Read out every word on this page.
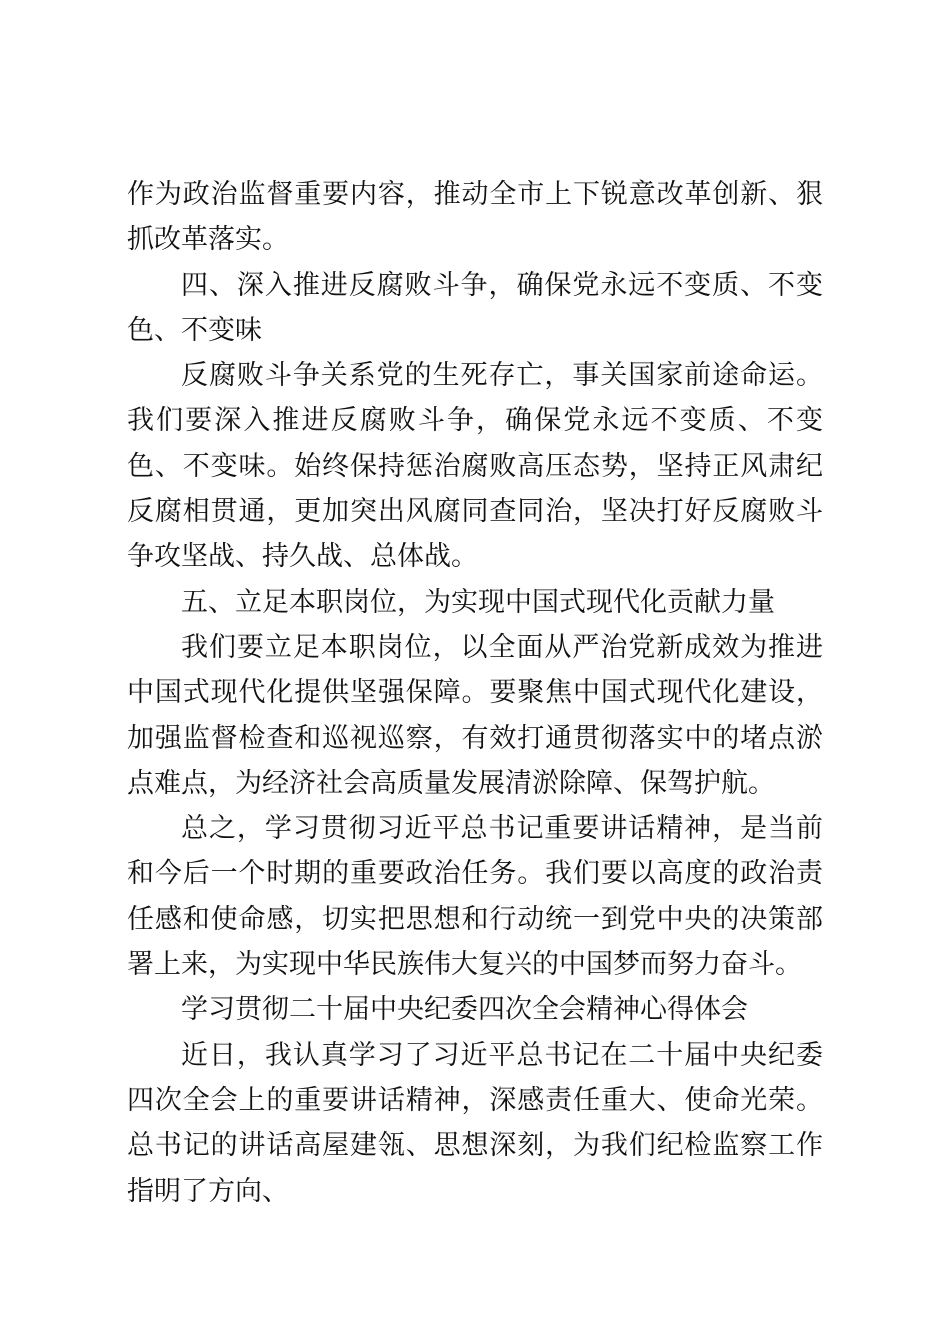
作为政治监督重要内容，推动全市上下锐意改革创新、狠抓改革落实。

四、深入推进反腐败斗争，确保党永远不变质、不变色、不变味

反腐败斗争关系党的生死存亡，事关国家前途命运。我们要深入推进反腐败斗争，确保党永远不变质、不变色、不变味。始终保持惩治腐败高压态势，坚持正风肃纪反腐相贯通，更加突出风腐同查同治，坚决打好反腐败斗争攻坚战、持久战、总体战。

五、立足本职岗位，为实现中国式现代化贡献力量

我们要立足本职岗位，以全面从严治党新成效为推进中国式现代化提供坚强保障。要聚焦中国式现代化建设，加强监督检查和巡视巡察，有效打通贯彻落实中的堵点淤点难点，为经济社会高质量发展清淤除障、保驾护航。

总之，学习贯彻习近平总书记重要讲话精神，是当前和今后一个时期的重要政治任务。我们要以高度的政治责任感和使命感，切实把思想和行动统一到党中央的决策部署上来，为实现中华民族伟大复兴的中国梦而努力奋斗。

学习贯彻二十届中央纪委四次全会精神心得体会

近日，我认真学习了习近平总书记在二十届中央纪委四次全会上的重要讲话精神，深感责任重大、使命光荣。总书记的讲话高屋建瓴、思想深刻，为我们纪检监察工作指明了方向、
